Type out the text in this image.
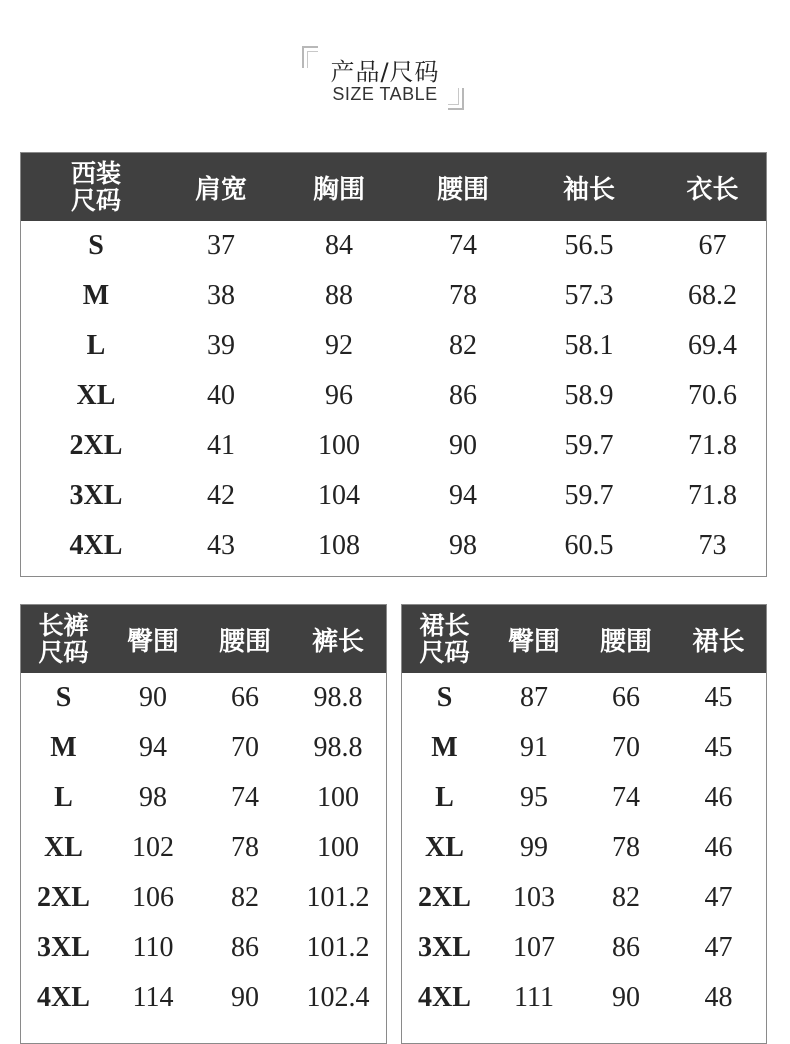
产品/尺码
SIZE TABLE
西装
尺码	肩宽	胸围	腰围	袖长	衣长
S	37	84	74	56.5	67
M	38	88	78	57.3	68.2
L	39	92	82	58.1	69.4
XL	40	96	86	58.9	70.6
2XL	41	100	90	59.7	71.8
3XL	42	104	94	59.7	71.8
4XL	43	108	98	60.5	73
长裤
尺码	臀围	腰围	裤长
S	90	66	98.8
M	94	70	98.8
L	98	74	100
XL	102	78	100
2XL	106	82	101.2
3XL	110	86	101.2
4XL	114	90	102.4
裙长
尺码	臀围	腰围	裙长
S	87	66	45
M	91	70	45
L	95	74	46
XL	99	78	46
2XL	103	82	47
3XL	107	86	47
4XL	111	90	48
